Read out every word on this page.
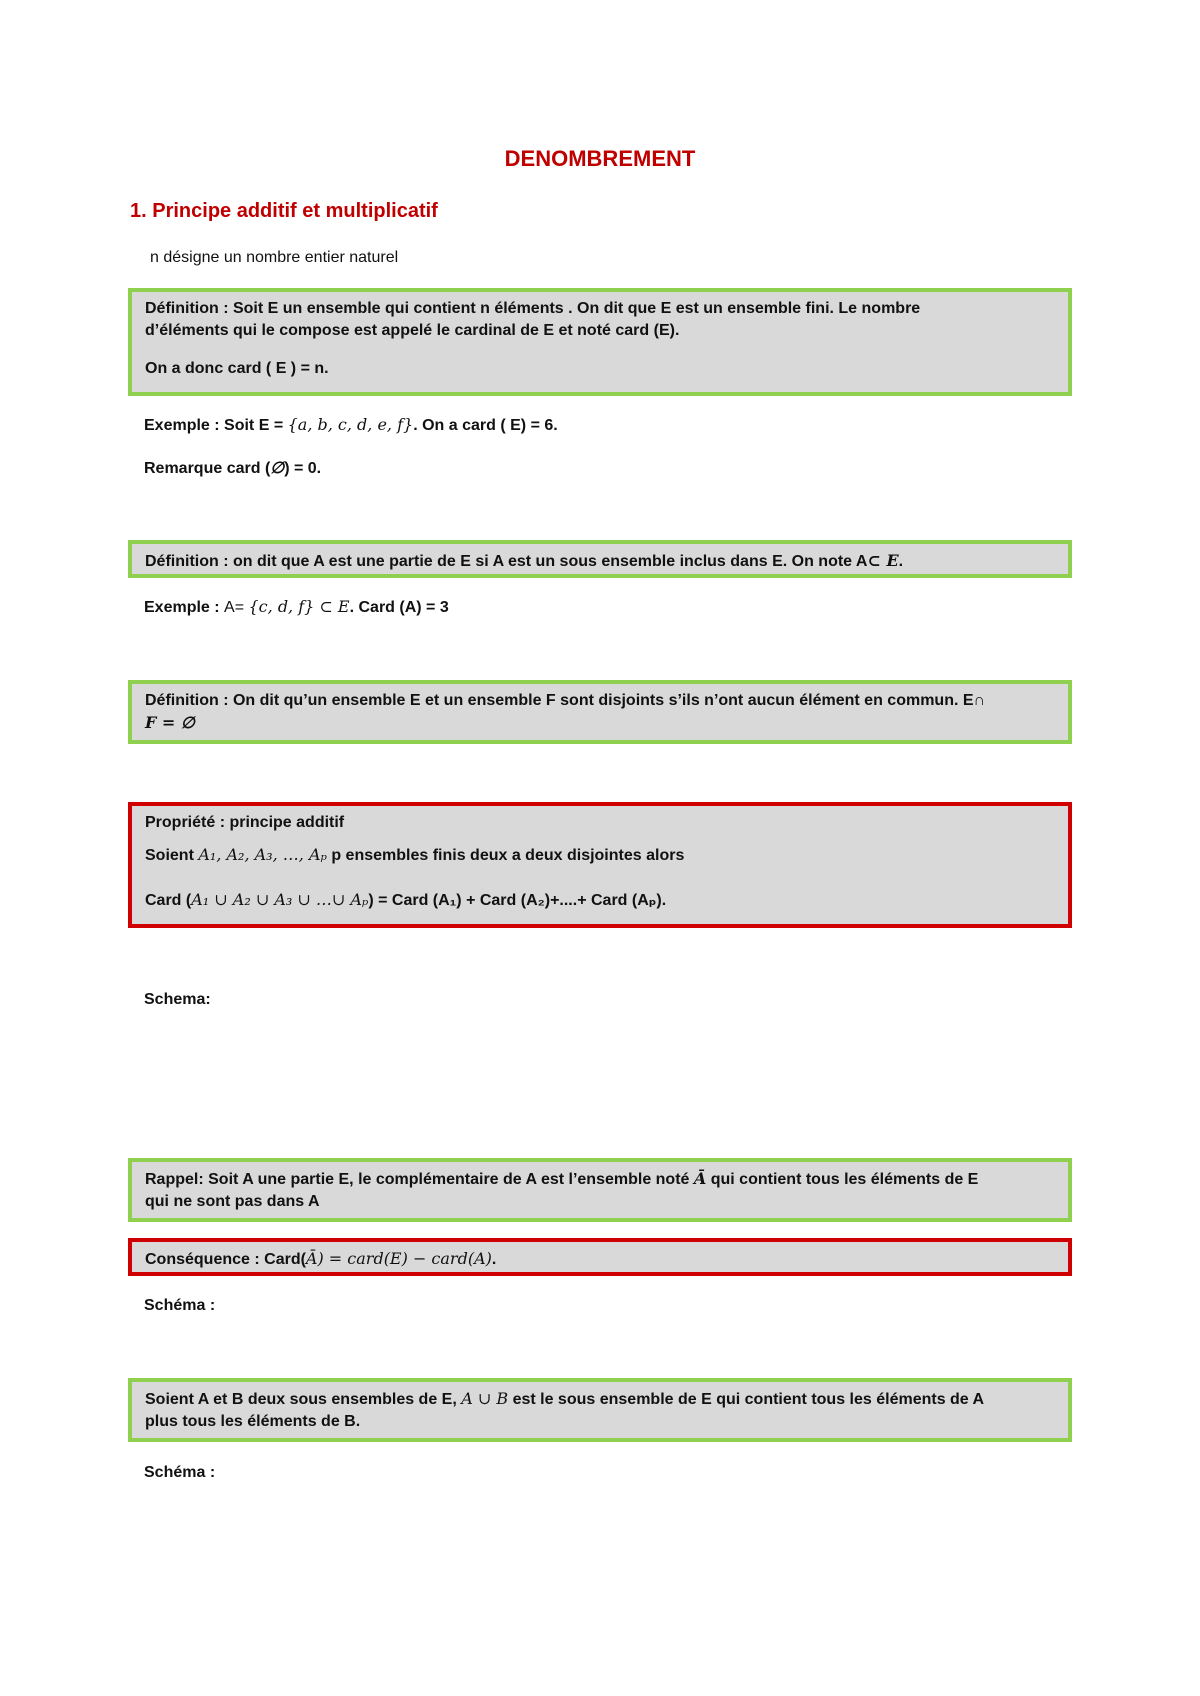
DENOMBREMENT
1. Principe additif et multiplicatif
n désigne un nombre entier naturel

Définition : Soit E un ensemble qui contient n éléments . On dit que E est un ensemble fini. Le nombre

d’éléments qui le compose est appelé le cardinal de E et noté card (E).

On a donc card ( E ) = n.

Exemple : Soit E = {a, b, c, d, e, f}. On a card ( E) = 6.
Remarque card (∅) = 0.

Définition : on dit que A est une partie de E si A est un sous ensemble inclus dans E. On note A⊂ E.

Exemple : A= {c, d, f} ⊂ E. Card (A) = 3

Définition : On dit qu’un ensemble E et un ensemble F sont disjoints s’ils n’ont aucun élément en commun. E∩

F = ∅

Propriété : principe additif

Soient A₁, A₂, A₃, …, Aₚ p ensembles finis deux a deux disjointes alors

Card (A₁ ∪ A₂ ∪ A₃ ∪ …∪ Aₚ) = Card (A₁) + Card (A₂)+....+ Card (Aₚ).

Schema:

Rappel: Soit A une partie E, le complémentaire de A est l’ensemble noté Ā qui contient tous les éléments de E

qui ne sont pas dans A

Conséquence : Card(Ā) = card(E) − card(A).

Schéma :

Soient A et B deux sous ensembles de E, A ∪ B est le sous ensemble de E qui contient tous les éléments de A

plus tous les éléments de B.

Schéma :
